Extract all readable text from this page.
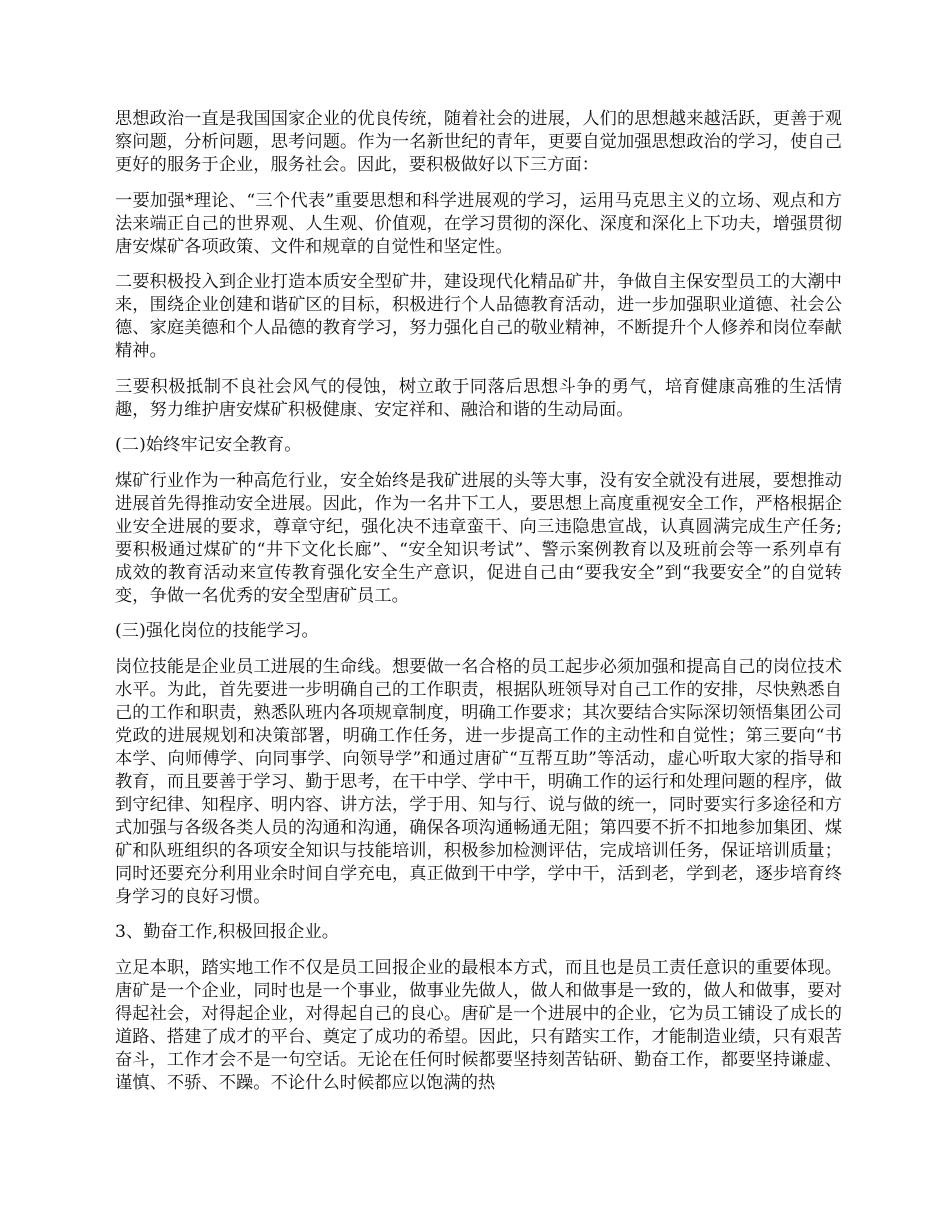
思想政治一直是我国国家企业的优良传统，随着社会的进展，人们的思想越来越活跃，更善于观察问题，分析问题，思考问题。作为一名新世纪的青年，更要自觉加强思想政治的学习，使自己更好的服务于企业，服务社会。因此，要积极做好以下三方面：

一要加强*理论、“三个代表”重要思想和科学进展观的学习，运用马克思主义的立场、观点和方法来端正自己的世界观、人生观、价值观，在学习贯彻的深化、深度和深化上下功夫，增强贯彻唐安煤矿各项政策、文件和规章的自觉性和坚定性。

二要积极投入到企业打造本质安全型矿井，建设现代化精品矿井，争做自主保安型员工的大潮中来，围绕企业创建和谐矿区的目标，积极进行个人品德教育活动，进一步加强职业道德、社会公德、家庭美德和个人品德的教育学习，努力强化自己的敬业精神，不断提升个人修养和岗位奉献精神。

三要积极抵制不良社会风气的侵蚀，树立敢于同落后思想斗争的勇气，培育健康高雅的生活情趣，努力维护唐安煤矿积极健康、安定祥和、融洽和谐的生动局面。

(二)始终牢记安全教育。

煤矿行业作为一种高危行业，安全始终是我矿进展的头等大事，没有安全就没有进展，要想推动进展首先得推动安全进展。因此，作为一名井下工人，要思想上高度重视安全工作，严格根据企业安全进展的要求，尊章守纪，强化决不违章蛮干、向三违隐患宣战，认真圆满完成生产任务;要积极通过煤矿的“井下文化长廊”、“安全知识考试”、警示案例教育以及班前会等一系列卓有成效的教育活动来宣传教育强化安全生产意识，促进自己由“要我安全”到“我要安全”的自觉转变，争做一名优秀的安全型唐矿员工。

(三)强化岗位的技能学习。

岗位技能是企业员工进展的生命线。想要做一名合格的员工起步必须加强和提高自己的岗位技术水平。为此，首先要进一步明确自己的工作职责，根据队班领导对自己工作的安排，尽快熟悉自己的工作和职责，熟悉队班内各项规章制度，明确工作要求；其次要结合实际深切领悟集团公司党政的进展规划和决策部署，明确工作任务，进一步提高工作的主动性和自觉性；第三要向“书本学、向师傅学、向同事学、向领导学”和通过唐矿“互帮互助”等活动，虚心听取大家的指导和教育，而且要善于学习、勤于思考，在干中学、学中干，明确工作的运行和处理问题的程序，做到守纪律、知程序、明内容、讲方法，学于用、知与行、说与做的统一，同时要实行多途径和方式加强与各级各类人员的沟通和沟通，确保各项沟通畅通无阻；第四要不折不扣地参加集团、煤矿和队班组织的各项安全知识与技能培训，积极参加检测评估，完成培训任务，保证培训质量；同时还要充分利用业余时间自学充电，真正做到干中学，学中干，活到老，学到老，逐步培育终身学习的良好习惯。

3、勤奋工作,积极回报企业。

立足本职，踏实地工作不仅是员工回报企业的最根本方式，而且也是员工责任意识的重要体现。唐矿是一个企业，同时也是一个事业，做事业先做人，做人和做事是一致的，做人和做事，要对得起社会，对得起企业，对得起自己的良心。唐矿是一个进展中的企业，它为员工铺设了成长的道路、搭建了成才的平台、奠定了成功的希望。因此，只有踏实工作，才能制造业绩，只有艰苦奋斗，工作才会不是一句空话。无论在任何时候都要坚持刻苦钻研、勤奋工作，都要坚持谦虚、谨慎、不骄、不躁。不论什么时候都应以饱满的热
